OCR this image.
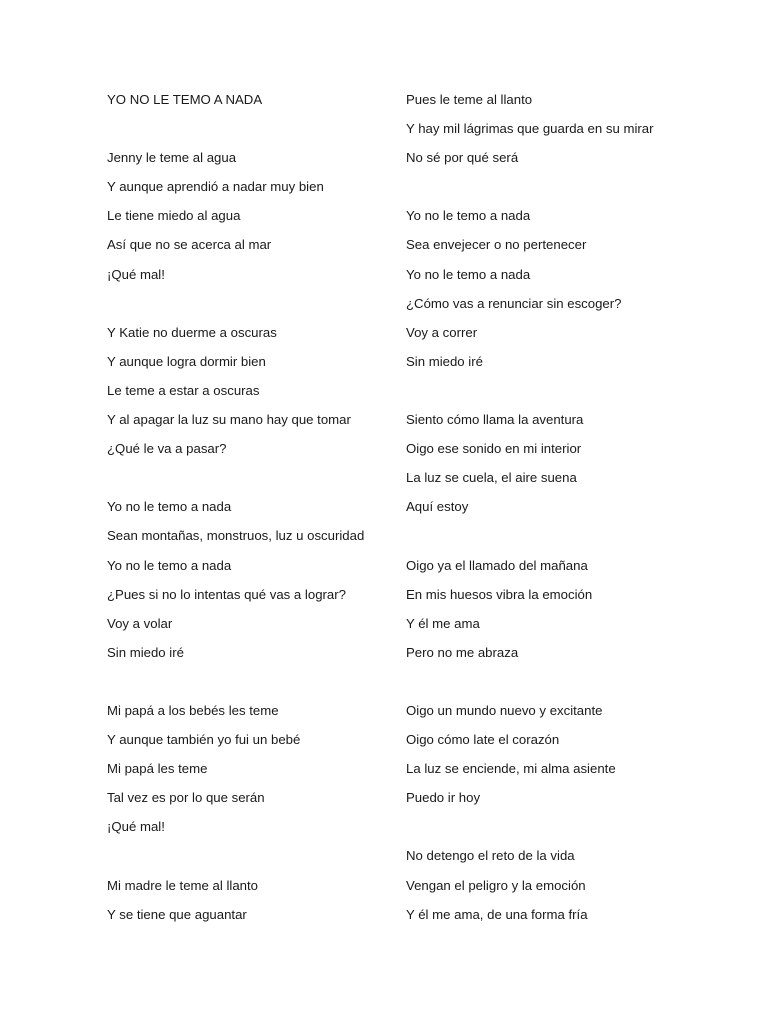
YO NO LE TEMO A NADA
Jenny le teme al agua
Y aunque aprendió a nadar muy bien
Le tiene miedo al agua
Así que no se acerca al mar
¡Qué mal!
Y Katie no duerme a oscuras
Y aunque logra dormir bien
Le teme a estar a oscuras
Y al apagar la luz su mano hay que tomar
¿Qué le va a pasar?
Yo no le temo a nada
Sean montañas, monstruos, luz u oscuridad
Yo no le temo a nada
¿Pues si no lo intentas qué vas a lograr?
Voy a volar
Sin miedo iré
Mi papá a los bebés les teme
Y aunque también yo fui un bebé
Mi papá les teme
Tal vez es por lo que serán
¡Qué mal!
Mi madre le teme al llanto
Y se tiene que aguantar
Pues le teme al llanto
Y hay mil lágrimas que guarda en su mirar
No sé por qué será
Yo no le temo a nada
Sea envejecer o no pertenecer
Yo no le temo a nada
¿Cómo vas a renunciar sin escoger?
Voy a correr
Sin miedo iré
Siento cómo llama la aventura
Oigo ese sonido en mi interior
La luz se cuela, el aire suena
Aquí estoy
Oigo ya el llamado del mañana
En mis huesos vibra la emoción
Y él me ama
Pero no me abraza
Oigo un mundo nuevo y excitante
Oigo cómo late el corazón
La luz se enciende, mi alma asiente
Puedo ir hoy
No detengo el reto de la vida
Vengan el peligro y la emoción
Y él me ama, de una forma fría
